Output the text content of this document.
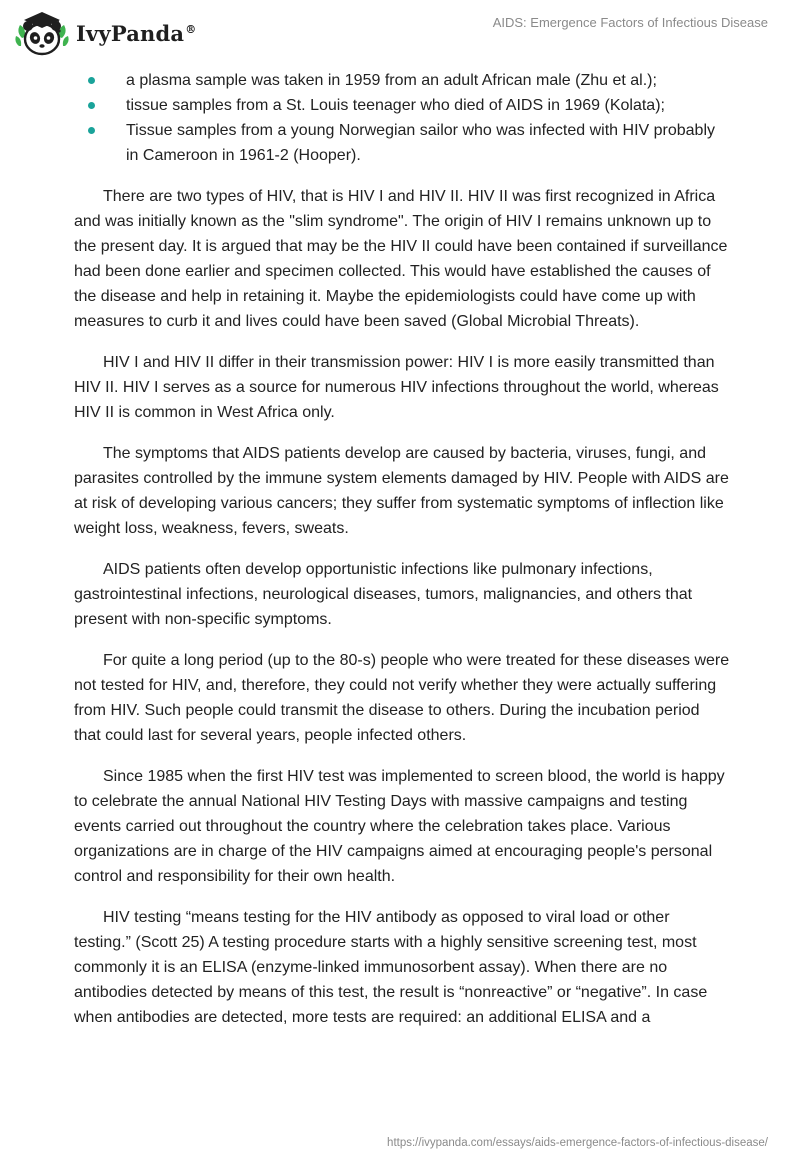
IvyPanda®	AIDS: Emergence Factors of Infectious Disease
a plasma sample was taken in 1959 from an adult African male (Zhu et al.);
tissue samples from a St. Louis teenager who died of AIDS in 1969 (Kolata);
Tissue samples from a young Norwegian sailor who was infected with HIV probably in Cameroon in 1961-2 (Hooper).

There are two types of HIV, that is HIV I and HIV II. HIV II was first recognized in Africa and was initially known as the "slim syndrome". The origin of HIV I remains unknown up to the present day. It is argued that may be the HIV II could have been contained if surveillance had been done earlier and specimen collected. This would have established the causes of the disease and help in retaining it. Maybe the epidemiologists could have come up with measures to curb it and lives could have been saved (Global Microbial Threats).

HIV I and HIV II differ in their transmission power: HIV I is more easily transmitted than HIV II. HIV I serves as a source for numerous HIV infections throughout the world, whereas HIV II is common in West Africa only.

The symptoms that AIDS patients develop are caused by bacteria, viruses, fungi, and parasites controlled by the immune system elements damaged by HIV. People with AIDS are at risk of developing various cancers; they suffer from systematic symptoms of inflection like weight loss, weakness, fevers, sweats.

AIDS patients often develop opportunistic infections like pulmonary infections, gastrointestinal infections, neurological diseases, tumors, malignancies, and others that present with non-specific symptoms.

For quite a long period (up to the 80-s) people who were treated for these diseases were not tested for HIV, and, therefore, they could not verify whether they were actually suffering from HIV. Such people could transmit the disease to others. During the incubation period that could last for several years, people infected others.

Since 1985 when the first HIV test was implemented to screen blood, the world is happy to celebrate the annual National HIV Testing Days with massive campaigns and testing events carried out throughout the country where the celebration takes place. Various organizations are in charge of the HIV campaigns aimed at encouraging people's personal control and responsibility for their own health.

HIV testing “means testing for the HIV antibody as opposed to viral load or other testing.” (Scott 25) A testing procedure starts with a highly sensitive screening test, most commonly it is an ELISA (enzyme-linked immunosorbent assay). When there are no antibodies detected by means of this test, the result is “nonreactive” or “negative”. In case when antibodies are detected, more tests are required: an additional ELISA and a

https://ivypanda.com/essays/aids-emergence-factors-of-infectious-disease/
